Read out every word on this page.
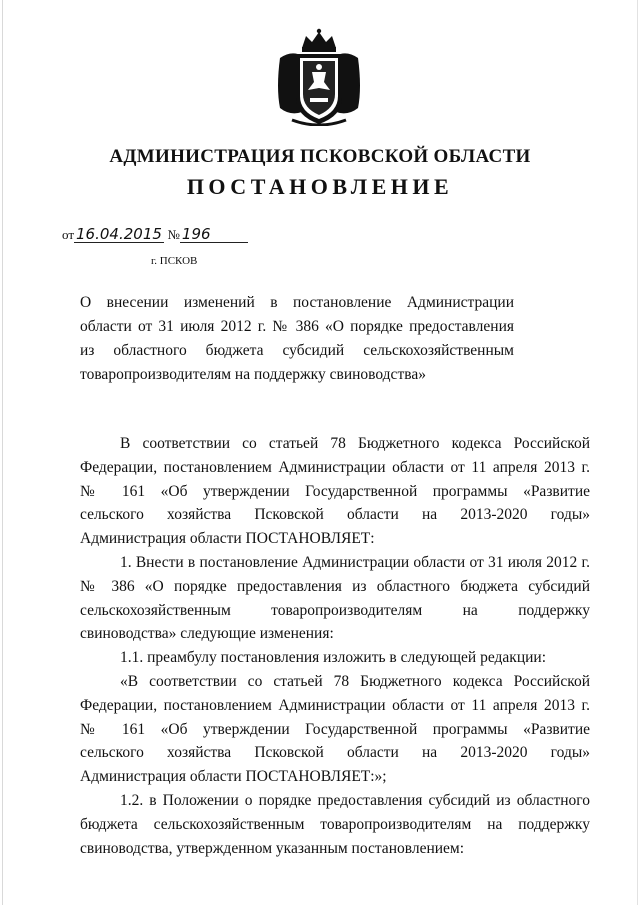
АДМИНИСТРАЦИЯ ПСКОВСКОЙ ОБЛАСТИ
ПОСТАНОВЛЕНИЕ
от 16.04.2015 № 196
г. ПСКОВ

О внесении изменений в постановление Администрации

области от 31 июля 2012 г. № 386 «О порядке предоставления

из областного бюджета субсидий сельскохозяйственным

товаропроизводителям на поддержку свиноводства»

В соответствии со статьей 78 Бюджетного кодекса Российской
Федерации, постановлением Администрации области от 11 апреля 2013 г.
№ 161 «Об утверждении Государственной программы «Развитие
сельского хозяйства Псковской области на 2013-2020 годы»
Администрация области ПОСТАНОВЛЯЕТ:
1. Внести в постановление Администрации области от 31 июля 2012 г.
№ 386 «О порядке предоставления из областного бюджета субсидий
сельскохозяйственным товаропроизводителям на поддержку
свиноводства» следующие изменения:
1.1. преамбулу постановления изложить в следующей редакции:
«В соответствии со статьей 78 Бюджетного кодекса Российской
Федерации, постановлением Администрации области от 11 апреля 2013 г.
№ 161 «Об утверждении Государственной программы «Развитие
сельского хозяйства Псковской области на 2013-2020 годы»
Администрация области ПОСТАНОВЛЯЕТ:»;
1.2. в Положении о порядке предоставления субсидий из областного
бюджета сельскохозяйственным товаропроизводителям на поддержку
свиноводства, утвержденном указанным постановлением:
